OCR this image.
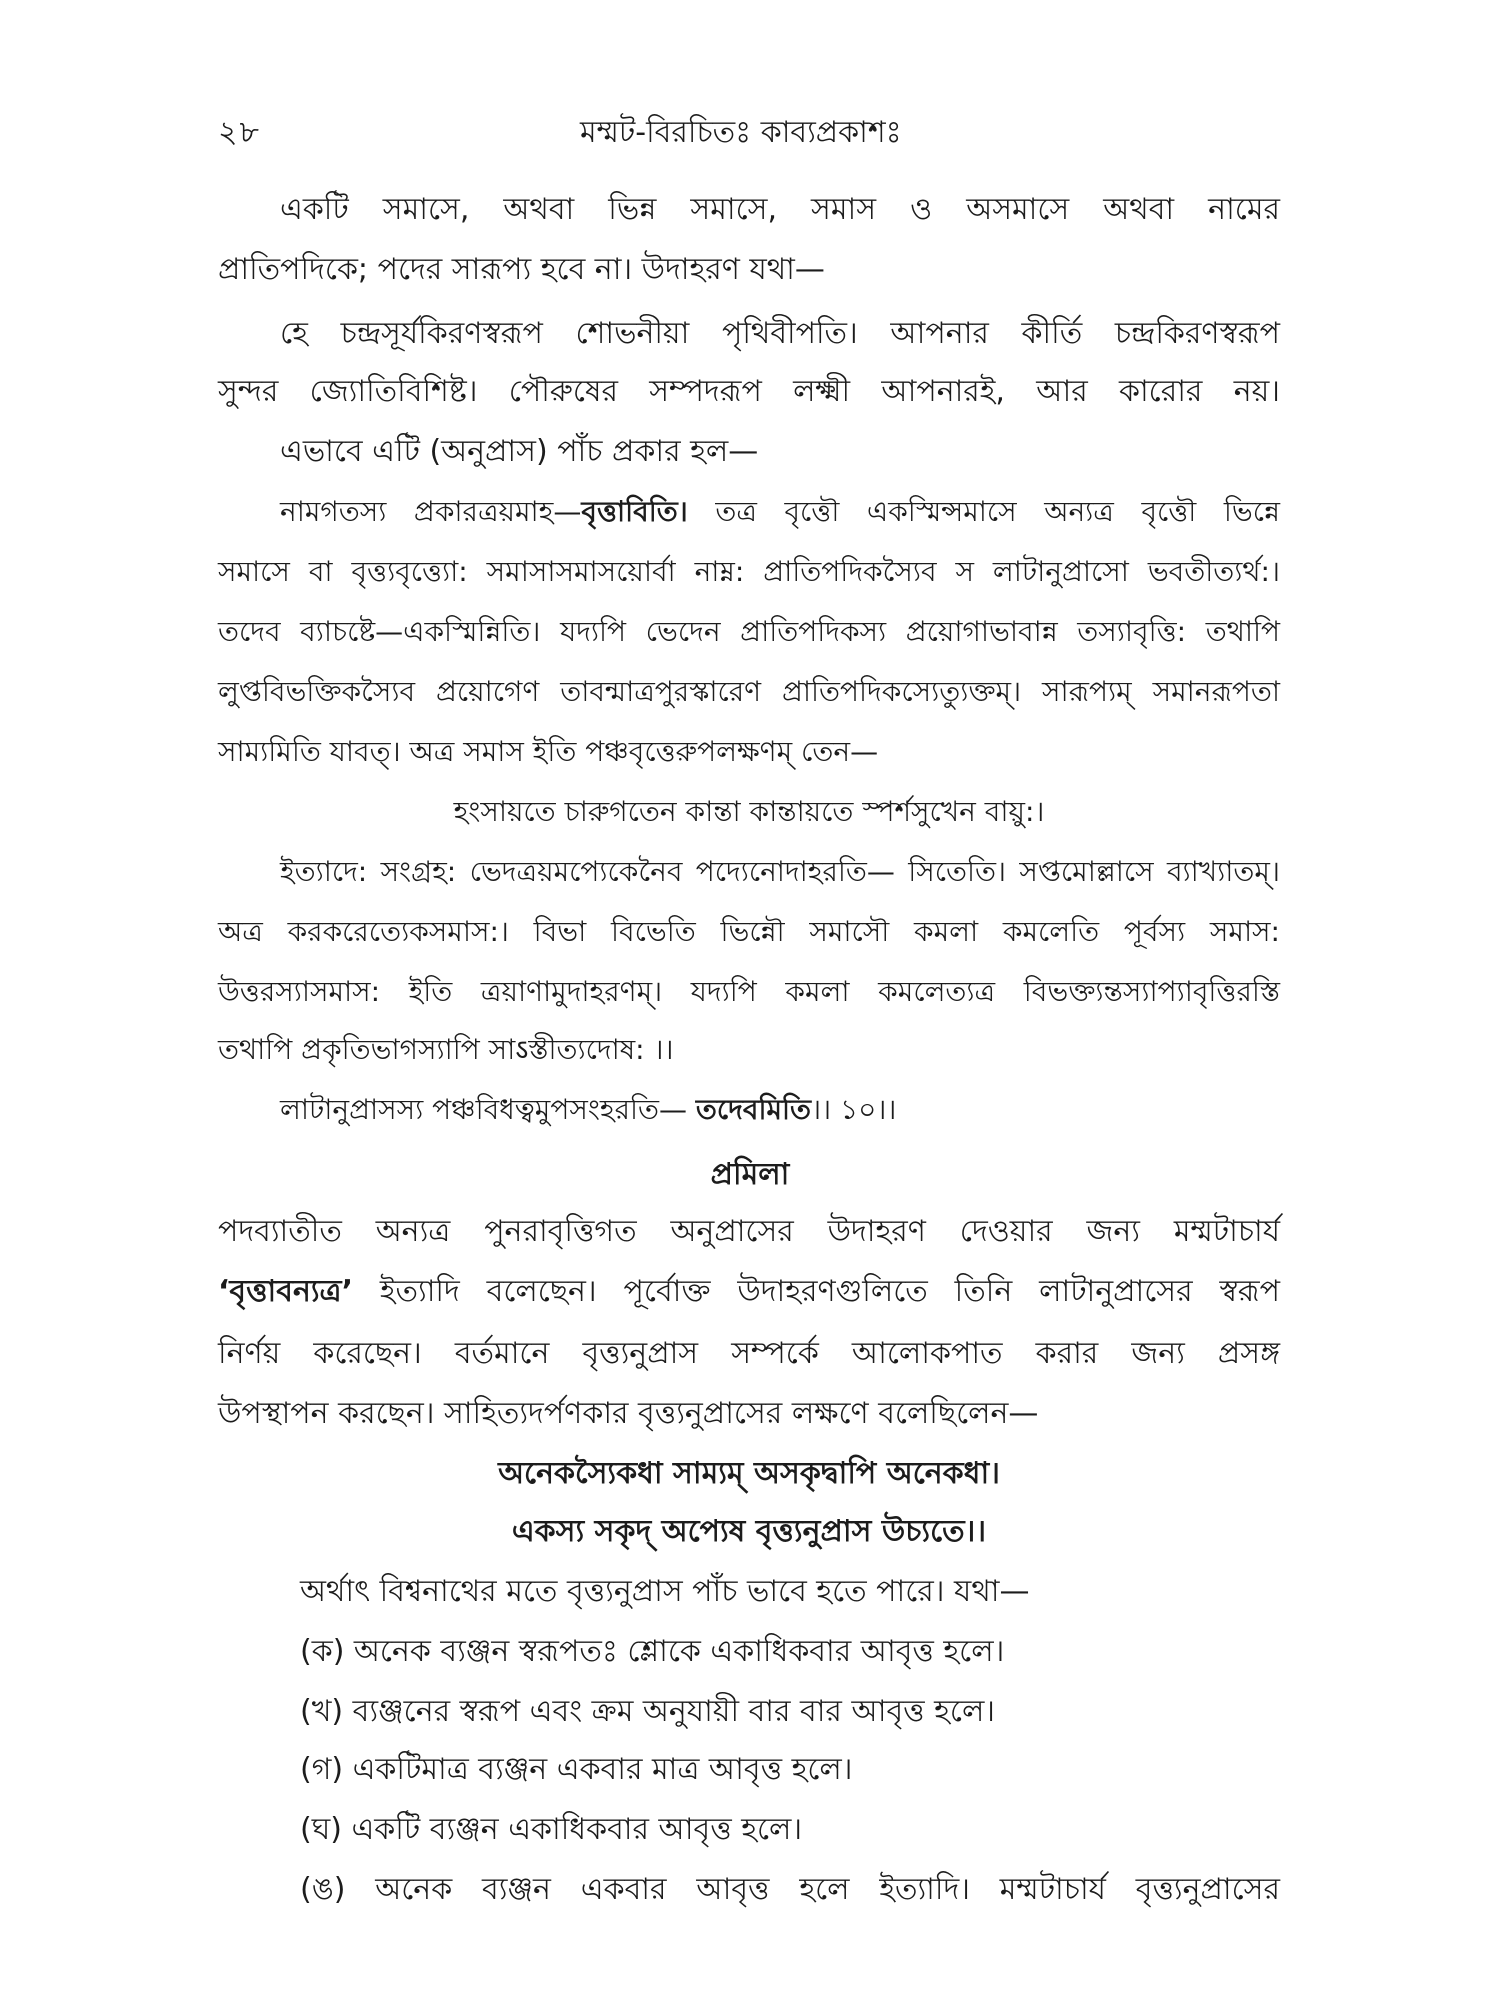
২৮	মম্মট-বিরচিতঃ কাব্যপ্রকাশঃ
একটি সমাসে, অথবা ভিন্ন সমাসে, সমাস ও অসমাসে অথবা নামের
প্রাতিপদিকে; পদের সারূপ্য হবে না। উদাহরণ যথা—
হে চন্দ্রসূর্যকিরণস্বরূপ শোভনীয়া পৃথিবীপতি। আপনার কীর্তি চন্দ্রকিরণস্বরূপ
সুন্দর জ্যোতিবিশিষ্ট। পৌরুষের সম্পদরূপ লক্ষ্মী আপনারই, আর কারোর নয়।
এভাবে এটি (অনুপ্রাস) পাঁচ প্রকার হল—
নামগতস্য প্রকারত্রয়মাহ—বৃত্তাবিতি। তত্র বৃত্তৌ একস্মিন্সমাসে অন্যত্র বৃত্তৌ ভিন্নে
সমাসে বা বৃত্ত্যবৃত্ত্যো: সমাসাসমাসয়োর্বা নাম্ন: প্রাতিপদিকস্যৈব স লাটানুপ্রাসো ভবতীত্যর্থ:।
তদেব ব্যাচষ্টে—একস্মিন্নিতি। যদ্যপি ভেদেন প্রাতিপদিকস্য প্রয়োগাভাবান্ন তস্যাবৃত্তি: তথাপি
লুপ্তবিভক্তিকস্যৈব প্রয়োগেণ তাবন্মাত্রপুরস্কারেণ প্রাতিপদিকস্যেত্যুক্তম্। সারূপ্যম্ সমানরূপতা
সাম্যমিতি যাবত্। অত্র সমাস ইতি পঞ্চবৃত্তেরুপলক্ষণম্ তেন—
হংসায়তে চারুগতেন কান্তা কান্তায়তে স্পর্শসুখেন বায়ু:।
ইত্যাদে: সংগ্রহ: ভেদত্রয়মপ্যেকেনৈব পদ্যেনোদাহরতি— সিতেতি। সপ্তমোল্লাসে ব্যাখ্যাতম্।
অত্র করকরেত্যেকসমাস:। বিভা বিভেতি ভিন্নৌ সমাসৌ কমলা কমলেতি পূর্বস্য সমাস:
উত্তরস্যাসমাস: ইতি ত্রয়াণামুদাহরণম্। যদ্যপি কমলা কমলেত্যত্র বিভক্ত্যন্তস্যাপ্যাবৃত্তিরস্তি
তথাপি প্রকৃতিভাগস্যাপি সাऽস্তীত্যদোষ: ।।
লাটানুপ্রাসস্য পঞ্চবিধত্বমুপসংহরতি— তদেবমিতি।। ১০।।
প্রমিলা
পদব্যাতীত অন্যত্র পুনরাবৃত্তিগত অনুপ্রাসের উদাহরণ দেওয়ার জন্য মম্মটাচার্য
‘বৃত্তাবন্যত্র’ ইত্যাদি বলেছেন। পূর্বোক্ত উদাহরণগুলিতে তিনি লাটানুপ্রাসের স্বরূপ
নির্ণয় করেছেন। বর্তমানে বৃত্ত্যনুপ্রাস সম্পর্কে আলোকপাত করার জন্য প্রসঙ্গ
উপস্থাপন করছেন। সাহিত্যদর্পণকার বৃত্ত্যনুপ্রাসের লক্ষণে বলেছিলেন—
অনেকস্যৈকধা সাম্যম্ অসকৃদ্বাপি অনেকধা।
একস্য সকৃদ্ অপ্যেষ বৃত্ত্যনুপ্রাস উচ্যতে।।
অর্থাৎ বিশ্বনাথের মতে বৃত্ত্যনুপ্রাস পাঁচ ভাবে হতে পারে। যথা—
(ক) অনেক ব্যঞ্জন স্বরূপতঃ শ্লোকে একাধিকবার আবৃত্ত হলে।
(খ) ব্যঞ্জনের স্বরূপ এবং ক্রম অনুযায়ী বার বার আবৃত্ত হলে।
(গ) একটিমাত্র ব্যঞ্জন একবার মাত্র আবৃত্ত হলে।
(ঘ) একটি ব্যঞ্জন একাধিকবার আবৃত্ত হলে।
(ঙ) অনেক ব্যঞ্জন একবার আবৃত্ত হলে ইত্যাদি। মম্মটাচার্য বৃত্ত্যনুপ্রাসের
